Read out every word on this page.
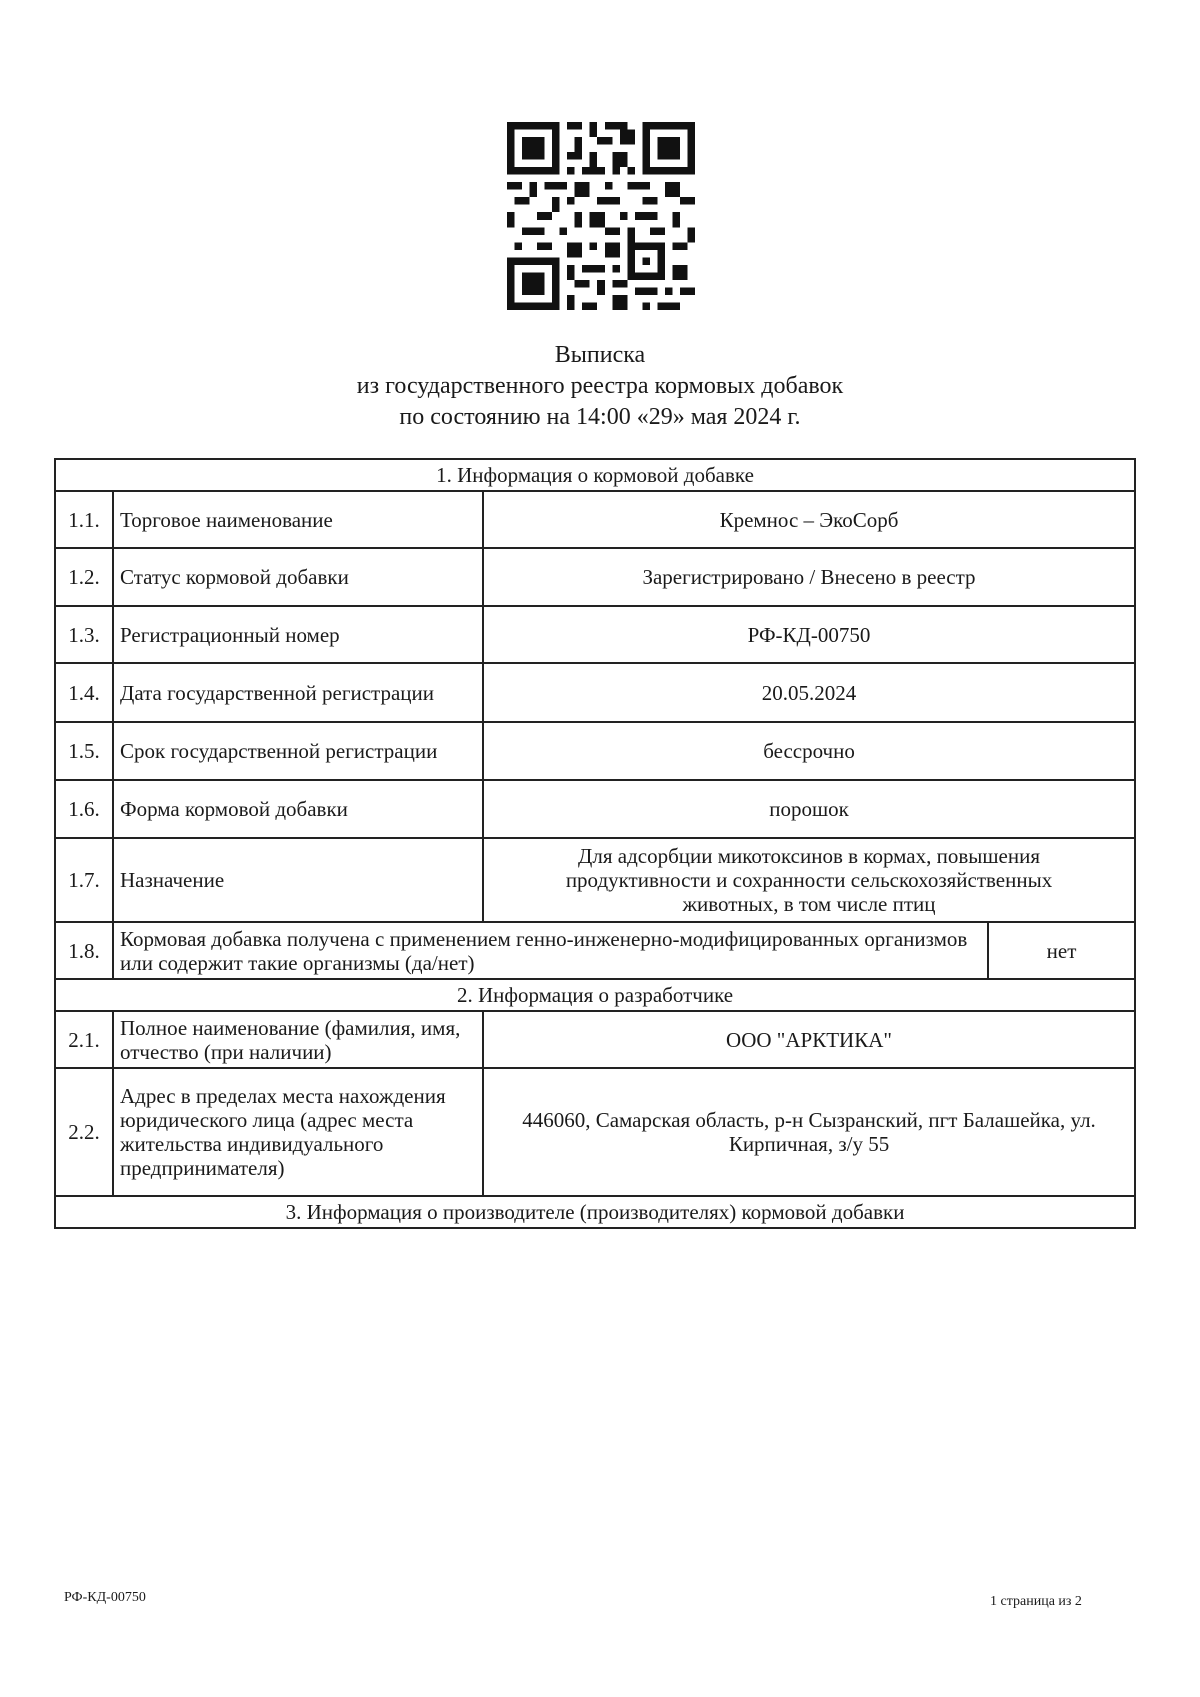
Выписка
из государственного реестра кормовых добавок
по состоянию на 14:00 «29» мая 2024 г.
1. Информация о кормовой добавке			
1.1.	Торговое наименование	Кремнос – ЭкоСорб	
1.2.	Статус кормовой добавки	Зарегистрировано / Внесено в реестр	
1.3.	Регистрационный номер	РФ-КД-00750	
1.4.	Дата государственной регистрации	20.05.2024	
1.5.	Срок государственной регистрации	бессрочно	
1.6.	Форма кормовой добавки	порошок	
1.7.	Назначение	Для адсорбции микотоксинов в кормах, повышения продуктивности и сохранности сельскохозяйственных животных, в том числе птиц	
1.8.	Кормовая добавка получена с применением генно-инженерно-модифицированных организмов или содержит такие организмы (да/нет)		нет
2. Информация о разработчике			
2.1.	Полное наименование (фамилия, имя, отчество (при наличии)	ООО "АРКТИКА"	
2.2.	Адрес в пределах места нахождения юридического лица (адрес места жительства индивидуального предпринимателя)	446060, Самарская область, р-н Сызранский, пгт Балашейка, ул. Кирпичная, з/у 55	
3. Информация о производителе (производителях) кормовой добавки			
РФ-КД-00750	1 страница из 2
